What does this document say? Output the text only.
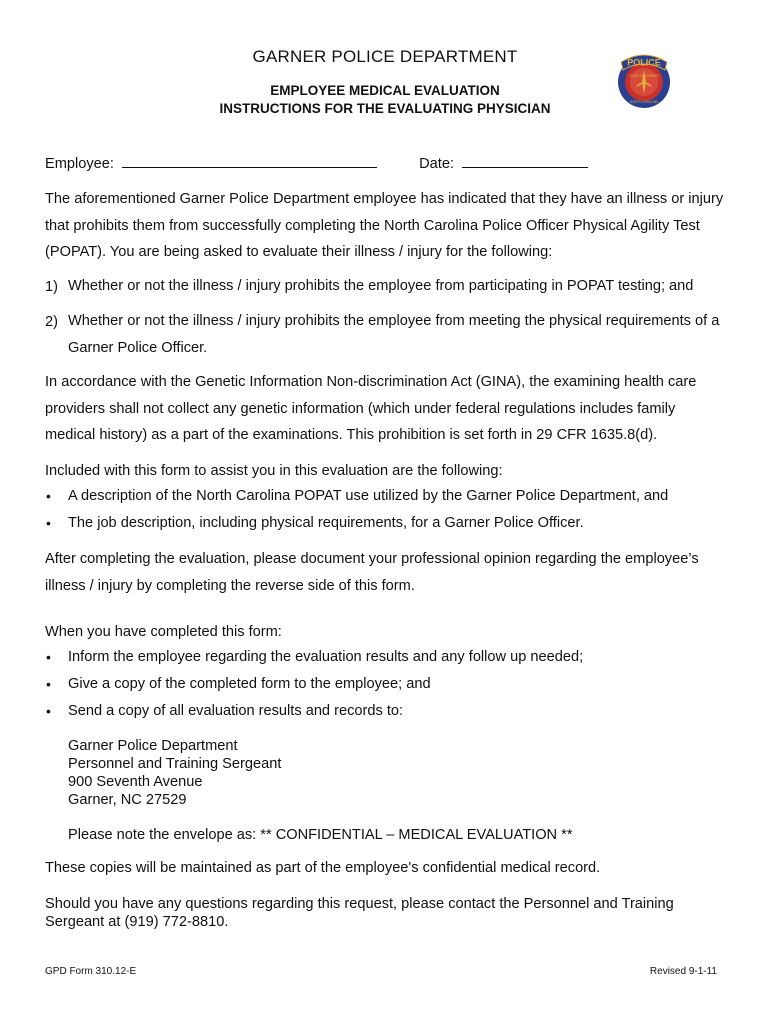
GARNER POLICE DEPARTMENT
EMPLOYEE MEDICAL EVALUATION
INSTRUCTIONS FOR THE EVALUATING PHYSICIAN
POLICE
TOWN OF GARNER
NORTH CAROLINA
Employee:	Date:
The aforementioned Garner Police Department employee has indicated that they have an illness or injury that prohibits them from successfully completing the North Carolina Police Officer Physical Agility Test (POPAT). You are being asked to evaluate their illness / injury for the following:
1) Whether or not the illness / injury prohibits the employee from participating in POPAT testing; and
2) Whether or not the illness / injury prohibits the employee from meeting the physical requirements of a Garner Police Officer.
In accordance with the Genetic Information Non-discrimination Act (GINA), the examining health care providers shall not collect any genetic information (which under federal regulations includes family medical history) as a part of the examinations. This prohibition is set forth in 29 CFR 1635.8(d).
Included with this form to assist you in this evaluation are the following:
• A description of the North Carolina POPAT use utilized by the Garner Police Department, and
• The job description, including physical requirements, for a Garner Police Officer.
After completing the evaluation, please document your professional opinion regarding the employee’s illness / injury by completing the reverse side of this form.
When you have completed this form:
• Inform the employee regarding the evaluation results and any follow up needed;
• Give a copy of the completed form to the employee; and
• Send a copy of all evaluation results and records to:
Garner Police Department
Personnel and Training Sergeant
900 Seventh Avenue
Garner, NC 27529
Please note the envelope as: ** CONFIDENTIAL – MEDICAL EVALUATION **
These copies will be maintained as part of the employee's confidential medical record.
Should you have any questions regarding this request, please contact the Personnel and Training Sergeant at (919) 772-8810.
GPD Form 310.12-E	Revised 9-1-11
